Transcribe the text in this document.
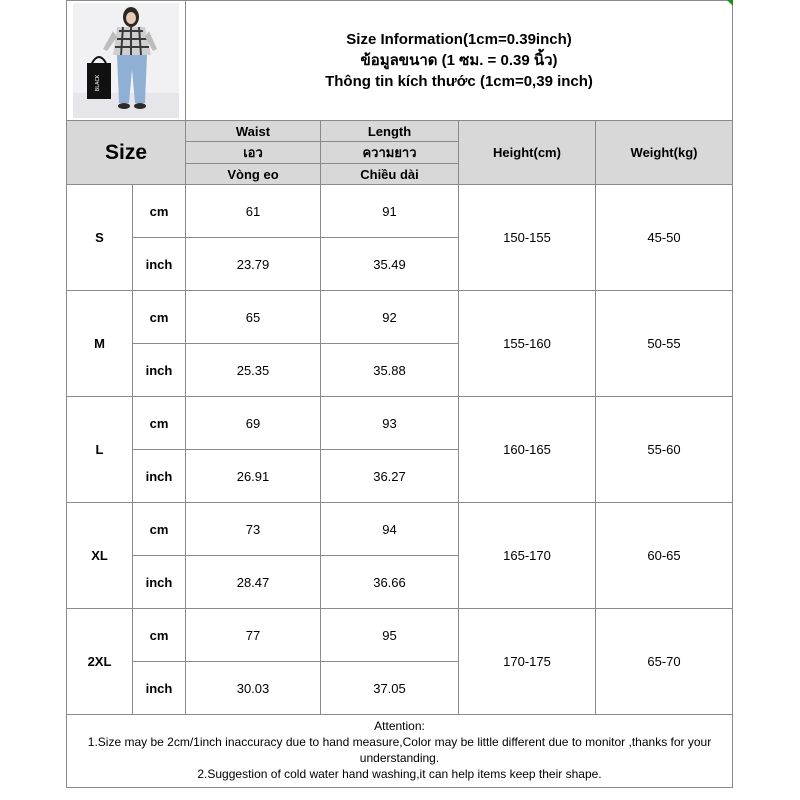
BLACK		Size Information(1cm=0.39inch)
ข้อมูลขนาด (1 ซม. = 0.39 นิ้ว)
Thông tin kích thước (1cm=0,39 inch)			

Size		Waist	Length	Height(cm)	Weight(kg)
		เอว	ความยาว		
		Vòng eo	Chiều dài		
S	cm	61	91	150-155	45-50
	inch	23.79	35.49		
M	cm	65	92	155-160	50-55
	inch	25.35	35.88		
L	cm	69	93	160-165	55-60
	inch	26.91	36.27		
XL	cm	73	94	165-170	60-65
	inch	28.47	36.66		
2XL	cm	77	95	170-175	65-70
	inch	30.03	37.05		

Attention:
1.Size may be 2cm/1inch inaccuracy due to hand measure,Color may be little different due to monitor ,thanks for your understanding.
2.Suggestion of cold water hand washing,it can help items keep their shape.					
